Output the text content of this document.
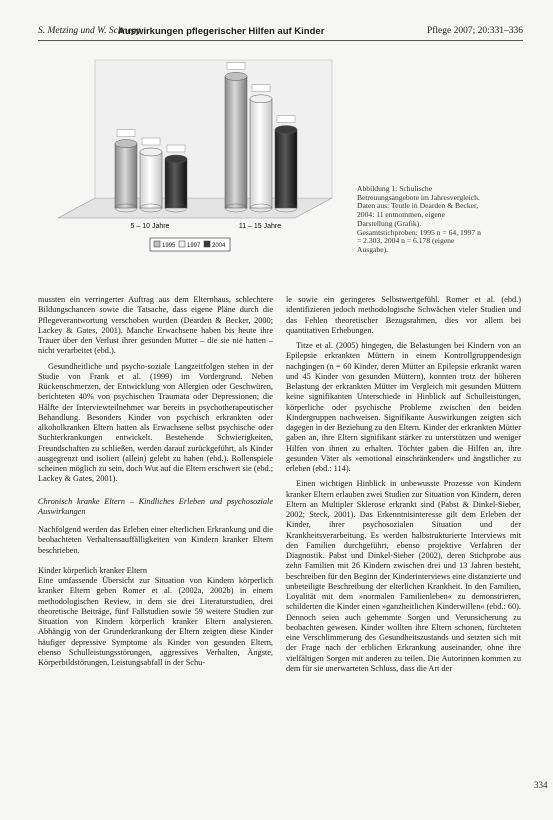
S. Metzing und W. Schnepp
Auswirkungen pflegerischer Hilfen auf Kinder	Pflege 2007; 20:331–336
5 – 10 Jahre	11 – 15 Jahre
1995 1997 2004
Abbildung 1: Schulische Betreuungsangebote im Jahresvergleich. Daten aus: Teutle in Dearden & Becker, 2004: 11 entnommen, eigene Darstellung (Grafik). Gesamtstichproben: 1995 n = 64, 1997 n = 2.303, 2004 n = 6.178 (eigene Ausgabe).

mussten ein verringerter Auftrag aus dem Elternhaus, schlechtere Bildungschancen sowie die Tatsache, dass eigene Pläne durch die Pflegeverantwortung verschoben wurden (Dearden & Becker, 2000; Lackey & Gates, 2001). Manche Erwachsene haben bis heute ihre Trauer über den Verlust ihrer gesunden Mutter – die sie nie hatten – nicht verarbeitet (ebd.).

Gesundheitliche und psycho-soziale Langzeitfolgen stehen in der Studie von Frank et al. (1999) im Vordergrund. Neben Rückenschmerzen, der Entwicklung von Allergien oder Geschwüren, berichteten 40% von psychischen Traumata oder Depressionen; die Hälfte der Interviewteilnehmer war bereits in psychotherapeutischer Behandlung. Besonders Kinder von psychisch erkrankten oder alkoholkranken Eltern hatten als Erwachsene selbst psychische oder Suchterkrankungen entwickelt. Bestehende Schwierigkeiten, Freundschaften zu schließen, werden darauf zurückgeführt, als Kinder ausgegrenzt und isoliert (allein) gelebt zu haben (ebd.). Rollenspiele scheinen möglich zu sein, doch Wut auf die Eltern erschwert sie (ebd.; Lackey & Gates, 2001).

Chronisch kranke Eltern – Kindliches Erleben und psychosoziale Auswirkungen

Nachfolgend werden das Erleben einer elterlichen Erkrankung und die beobachteten Verhaltensauffälligkeiten von Kindern kranker Eltern beschrieben.

Kinder körperlich kranker Eltern

Eine umfassende Übersicht zur Situation von Kindern körperlich kranker Eltern geben Romer et al. (2002a, 2002b) in einem methodologischen Review, in dem sie drei Literaturstudien, drei theoretische Beiträge, fünf Fallstudien sowie 59 weitere Studien zur Situation von Kindern körperlich kranker Eltern analysieren. Abhängig von der Grunderkrankung der Eltern zeigten diese Kinder häufiger depressive Symptome als Kinder von gesunden Eltern, ebenso Schulleistungsstörungen, aggressives Verhalten, Ängste, Körperbildstörungen, Leistungsabfall in der Schu-

le sowie ein geringeres Selbstwertgefühl. Romer et al. (ebd.) identifizieren jedoch methodologische Schwächen vieler Studien und das Fehlen theoretischer Bezugsrahmen, dies vor allem bei quantitativen Erhebungen.

Titze et al. (2005) hingegen, die Belastungen bei Kindern von an Epilepsie erkrankten Müttern in einem Kontrollgruppendesign nachgingen (n = 60 Kinder, deren Mütter an Epilepsie erkrankt waren und 45 Kinder von gesunden Müttern), konnten trotz der höheren Belastung der erkrankten Mütter im Vergleich mit gesunden Müttern keine signifikanten Unterschiede in Hinblick auf Schulleistungen, körperliche oder psychische Probleme zwischen den beiden Kindergruppen nachweisen. Signifikante Auswirkungen zeigten sich dagegen in der Beziehung zu den Eltern. Kinder der erkrankten Mütter gaben an, ihre Eltern signifikant stärker zu unterstützen und weniger Hilfen von ihnen zu erhalten. Töchter gaben die Hilfen an, ihre gesunden Väter als »emotional einschränkender« und ängstlicher zu erleben (ebd.: 114).

Einen wichtigen Hinblick in unbewusste Prozesse von Kindern kranker Eltern erlauben zwei Studien zur Situation von Kindern, deren Eltern an Multipler Sklerose erkrankt sind (Pabst & Dinkel-Sieber, 2002; Steck, 2001). Das Erkenntnisinteresse gilt dem Erleben der Kinder, ihrer psychosozialen Situation und der Krankheitsverarbeitung. Es werden halbstrukturierte Interviews mit den Familien durchgeführt, ebenso projektive Verfahren der Diagnostik. Pabst und Dinkel-Sieber (2002), deren Stichprobe aus zehn Familien mit 26 Kindern zwischen drei und 13 Jahren besteht, beschreiben für den Beginn der Kinderinterviews eine distanzierte und unbeteiligte Beschreibung der elterlichen Krankheit. In den Familien, Loyalität mit dem »normalen Familienleben« zu demonstrieren, schilderten die Kinder einen »ganzheitlichen Kinderwillen« (ebd.: 60). Dennoch seien auch gehemmte Sorgen und Verunsicherung zu beobachten gewesen. Kinder wollten ihre Eltern schonen, fürchteten eine Verschlimmerung des Gesundheitszustands und setzten sich mit der Frage nach der erblichen Erkrankung auseinander, ohne ihre vielfältigen Sorgen mit anderen zu teilen. Die Autorinnen kommen zu dem für sie unerwarteten Schluss, dass die Art der

334
